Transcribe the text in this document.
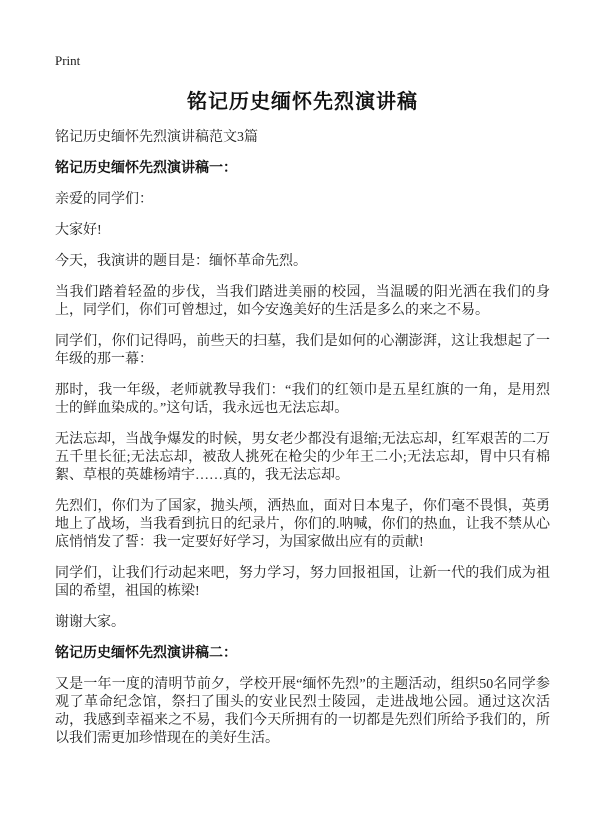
Print
铭记历史缅怀先烈演讲稿

铭记历史缅怀先烈演讲稿范文3篇

铭记历史缅怀先烈演讲稿一：

亲爱的同学们：

大家好!

今天，我演讲的题目是：缅怀革命先烈。

当我们踏着轻盈的步伐，当我们踏进美丽的校园，当温暖的阳光洒在我们的身上，同学们，你们可曾想过，如今安逸美好的生活是多么的来之不易。

同学们，你们记得吗，前些天的扫墓，我们是如何的心潮澎湃，这让我想起了一年级的那一幕：

那时，我一年级，老师就教导我们：“我们的红领巾是五星红旗的一角，是用烈士的鲜血染成的。”这句话，我永远也无法忘却。

无法忘却，当战争爆发的时候，男女老少都没有退缩;无法忘却，红军艰苦的二万五千里长征;无法忘却，被敌人挑死在枪尖的少年王二小;无法忘却，胃中只有棉絮、草根的英雄杨靖宇……真的，我无法忘却。

先烈们，你们为了国家，抛头颅，洒热血，面对日本鬼子，你们毫不畏惧，英勇地上了战场，当我看到抗日的纪录片，你们的.呐喊，你们的热血，让我不禁从心底悄悄发了誓：我一定要好好学习，为国家做出应有的贡献!

同学们，让我们行动起来吧，努力学习，努力回报祖国，让新一代的我们成为祖国的希望，祖国的栋梁!

谢谢大家。

铭记历史缅怀先烈演讲稿二：

又是一年一度的清明节前夕，学校开展“缅怀先烈”的主题活动，组织50名同学参观了革命纪念馆，祭扫了围头的安业民烈士陵园，走进战地公园。通过这次活动，我感到幸福来之不易，我们今天所拥有的一切都是先烈们所给予我们的，所以我们需更加珍惜现在的美好生活。
